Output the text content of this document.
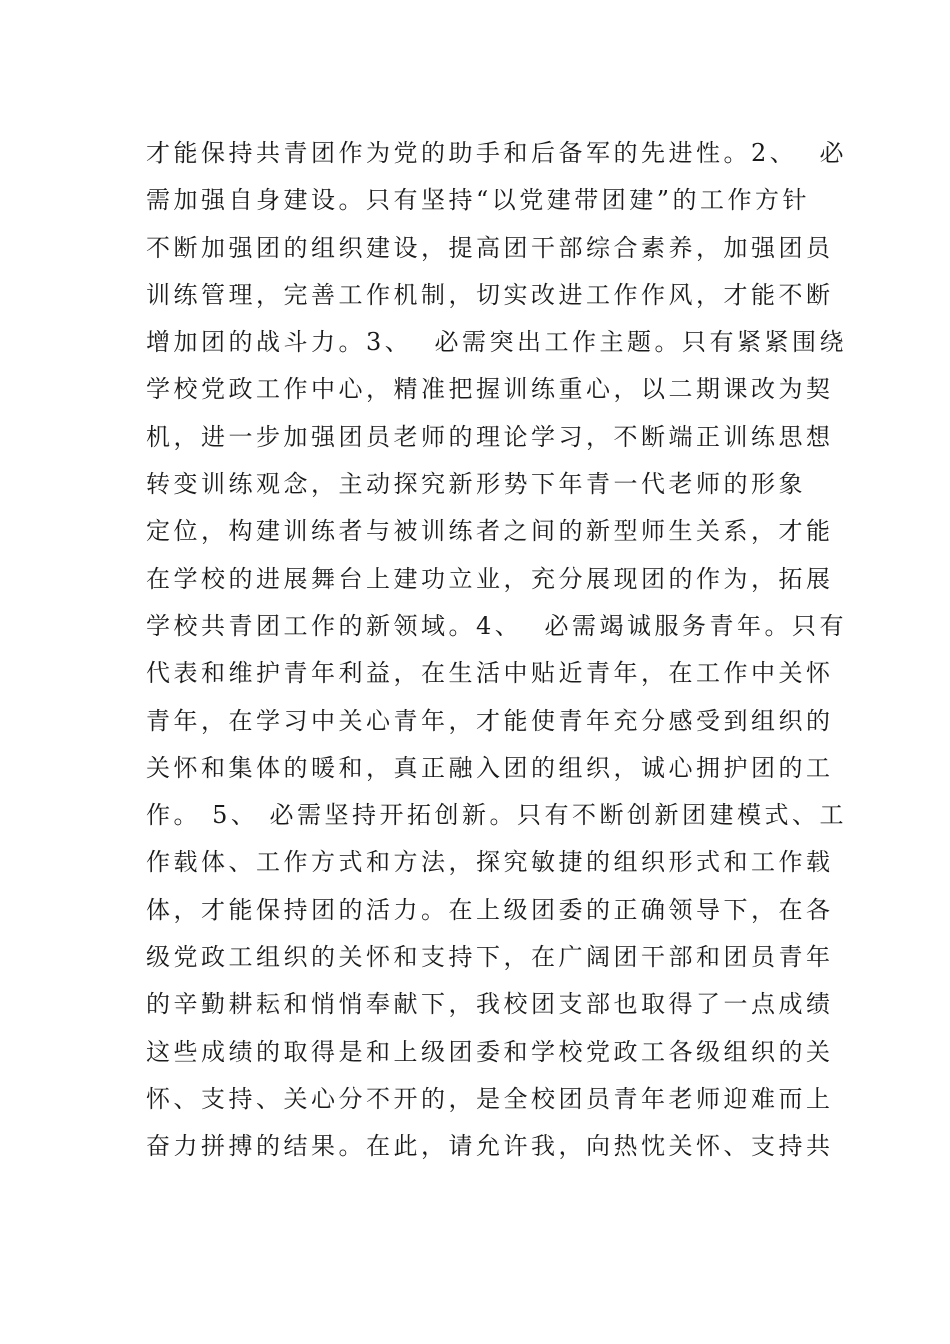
才能保持共青团作为党的助手和后备军的先进性。2、  必
需加强自身建设。只有坚持“以党建带团建”的工作方针
不断加强团的组织建设，提高团干部综合素养，加强团员
训练管理，完善工作机制，切实改进工作作风，才能不断
增加团的战斗力。3、  必需突出工作主题。只有紧紧围绕
学校党政工作中心，精准把握训练重心，以二期课改为契
机，进一步加强团员老师的理论学习，不断端正训练思想
转变训练观念，主动探究新形势下年青一代老师的形象
定位，构建训练者与被训练者之间的新型师生关系，才能
在学校的进展舞台上建功立业，充分展现团的作为，拓展
学校共青团工作的新领域。4、  必需竭诚服务青年。只有
代表和维护青年利益，在生活中贴近青年，在工作中关怀
青年，在学习中关心青年，才能使青年充分感受到组织的
关怀和集体的暖和，真正融入团的组织，诚心拥护团的工
作。 5、 必需坚持开拓创新。只有不断创新团建模式、工
作载体、工作方式和方法，探究敏捷的组织形式和工作载
体，才能保持团的活力。在上级团委的正确领导下，在各
级党政工组织的关怀和支持下，在广阔团干部和团员青年
的辛勤耕耘和悄悄奉献下，我校团支部也取得了一点成绩
这些成绩的取得是和上级团委和学校党政工各级组织的关
怀、支持、关心分不开的，是全校团员青年老师迎难而上
奋力拼搏的结果。在此，请允许我，向热忱关怀、支持共
